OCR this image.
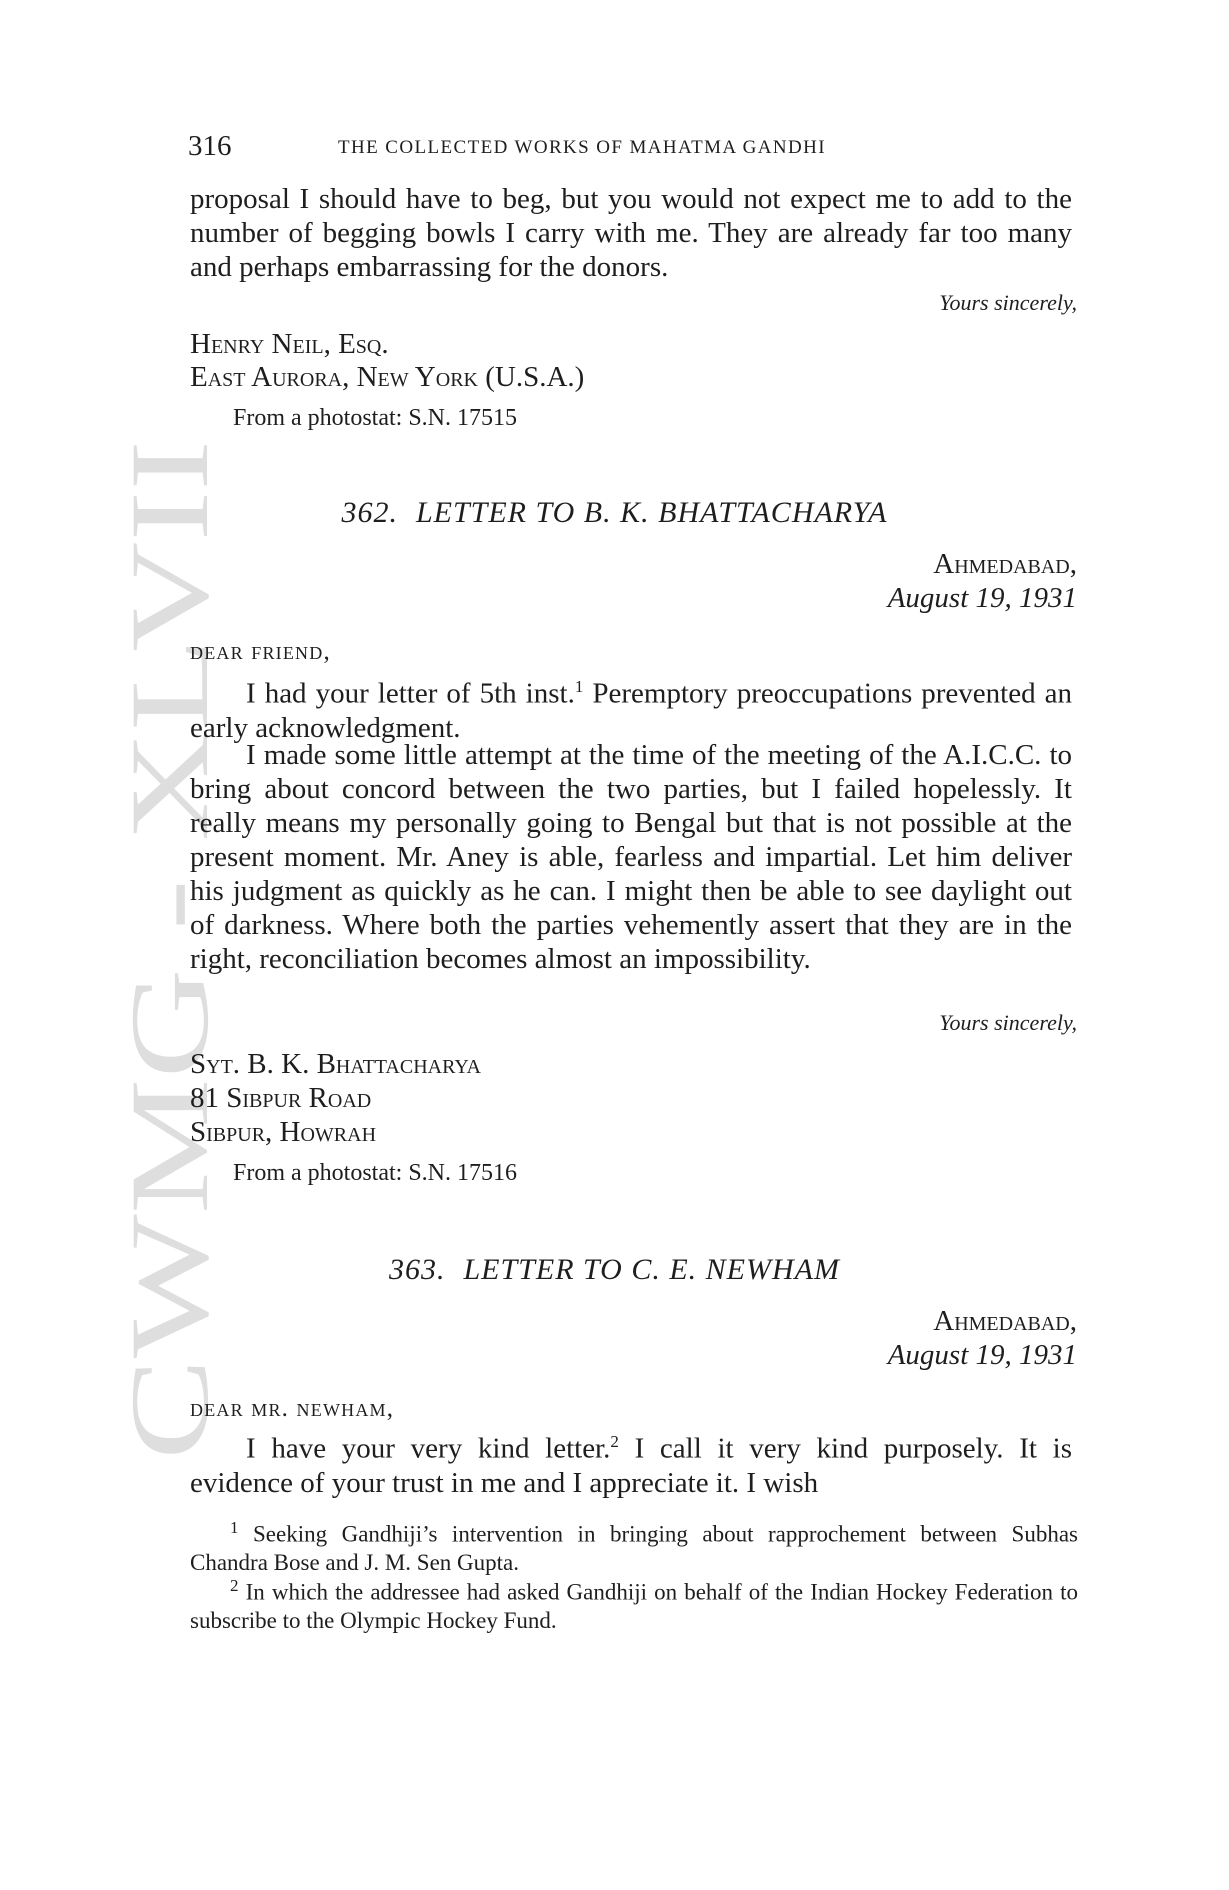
CWMG - XLVII
316	THE COLLECTED WORKS OF MAHATMA GANDHI

proposal I should have to beg, but you would not expect me to add to the number of begging bowls I carry with me. They are already far too many and perhaps embarrassing for the donors.

Yours sincerely,
Henry Neil, Esq.
East Aurora, New York (U.S.A.)
From a photostat: S.N. 17515
362. LETTER TO B. K. BHATTACHARYA
Ahmedabad,
August 19, 1931
dear friend,

I had your letter of 5th inst.$^1$ Peremptory preoccupations prevented an early acknowledgment.

I made some little attempt at the time of the meeting of the A.I.C.C. to bring about concord between the two parties, but I failed hopelessly. It really means my personally going to Bengal but that is not possible at the present moment. Mr. Aney is able, fearless and impartial. Let him deliver his judgment as quickly as he can. I might then be able to see daylight out of darkness. Where both the parties vehemently assert that they are in the right, reconciliation becomes almost an impossibility.

Yours sincerely,
Syt. B. K. Bhattacharya
81 Sibpur Road
Sibpur, Howrah
From a photostat: S.N. 17516
363. LETTER TO C. E. NEWHAM
Ahmedabad,
August 19, 1931
dear mr. newham,

I have your very kind letter.$^2$ I call it very kind purposely. It is evidence of your trust in me and I appreciate it. I wish

$^1$ Seeking Gandhiji’s intervention in bringing about rapprochement between Subhas Chandra Bose and J. M. Sen Gupta.

$^2$ In which the addressee had asked Gandhiji on behalf of the Indian Hockey Federation to subscribe to the Olympic Hockey Fund.
